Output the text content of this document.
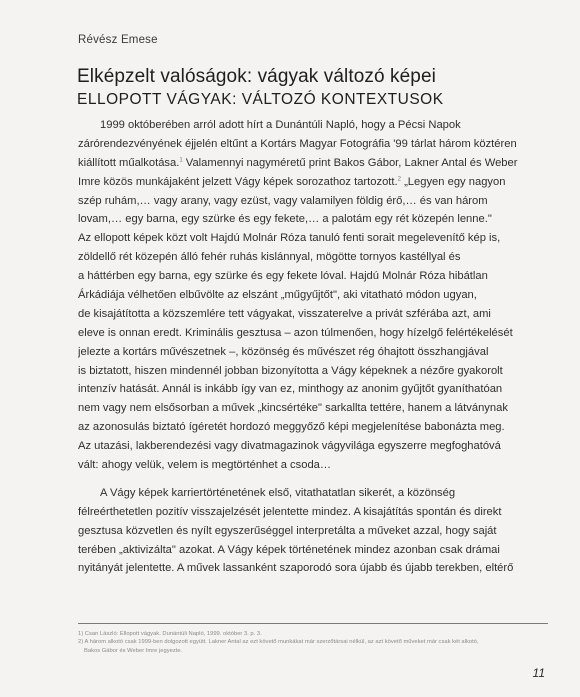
Révész Emese
Elképzelt valóságok: vágyak változó képei
ELLOPOTT VÁGYAK: VÁLTOZÓ KONTEXTUSOK
1999 októberében arról adott hírt a Dunántúli Napló, hogy a Pécsi Napok
zárórendezvényének éjjelén eltűnt a Kortárs Magyar Fotográfia '99 tárlat három köztéren
kiállított műalkotása.$^1$ Valamennyi nagyméretű print Bakos Gábor, Lakner Antal és Weber
Imre közös munkájaként jelzett Vágy képek sorozathoz tartozott.$^2$ „Legyen egy nagyon
szép ruhám,… vagy arany, vagy ezüst, vagy valamilyen földig érő,… és van három
lovam,… egy barna, egy szürke és egy fekete,… a palotám egy rét közepén lenne."
Az ellopott képek közt volt Hajdú Molnár Róza tanuló fenti sorait megelevenítő kép is,
zöldellő rét közepén álló fehér ruhás kislánnyal, mögötte tornyos kastéllyal és
a háttérben egy barna, egy szürke és egy fekete lóval. Hajdú Molnár Róza hibátlan
Árkádiája vélhetően elbűvölte az elszánt „műgyűjtőt", aki vitatható módon ugyan,
de kisajátította a közszemlére tett vágyakat, visszaterelve a privát szférába azt, ami
eleve is onnan eredt. Kriminális gesztusa – azon túlmenően, hogy hízelgő felértékelését
jelezte a kortárs művészetnek –, közönség és művészet rég óhajtott összhangjával
is biztatott, hiszen mindennél jobban bizonyította a Vágy képeknek a nézőre gyakorolt
intenzív hatását. Annál is inkább így van ez, minthogy az anonim gyűjtőt gyaníthatóan
nem vagy nem elsősorban a művek „kincsértéke" sarkallta tettére, hanem a látványnak
az azonosulás biztató ígéretét hordozó meggyőző képi megjelenítése babonázta meg.
Az utazási, lakberendezési vagy divatmagazinok vágyvilága egyszerre megfoghatóvá
vált: ahogy velük, velem is megtörténhet a csoda…
A Vágy képek karriertörténetének első, vitathatatlan sikerét, a közönség
félreérthetetlen pozitív visszajelzését jelentette mindez. A kisajátítás spontán és direkt
gesztusa közvetlen és nyílt egyszerűséggel interpretálta a műveket azzal, hogy saját
terében „aktivizálta" azokat. A Vágy képek történetének mindez azonban csak drámai
nyitányát jelentette. A művek lassanként szaporodó sora újabb és újabb terekben, eltérő
1) Csan László: Ellopott vágyak. Dunántúli Napló, 1999. október 3. p. 3.
2) A három alkotó csak 1999-ben dolgozott együtt. Lakner Antal az ezt követő munkákat már szerzőtársai nélkül, az azt követő műveket már csak két alkotó,
Bakos Gábor és Weber Imre jegyezte.
11
